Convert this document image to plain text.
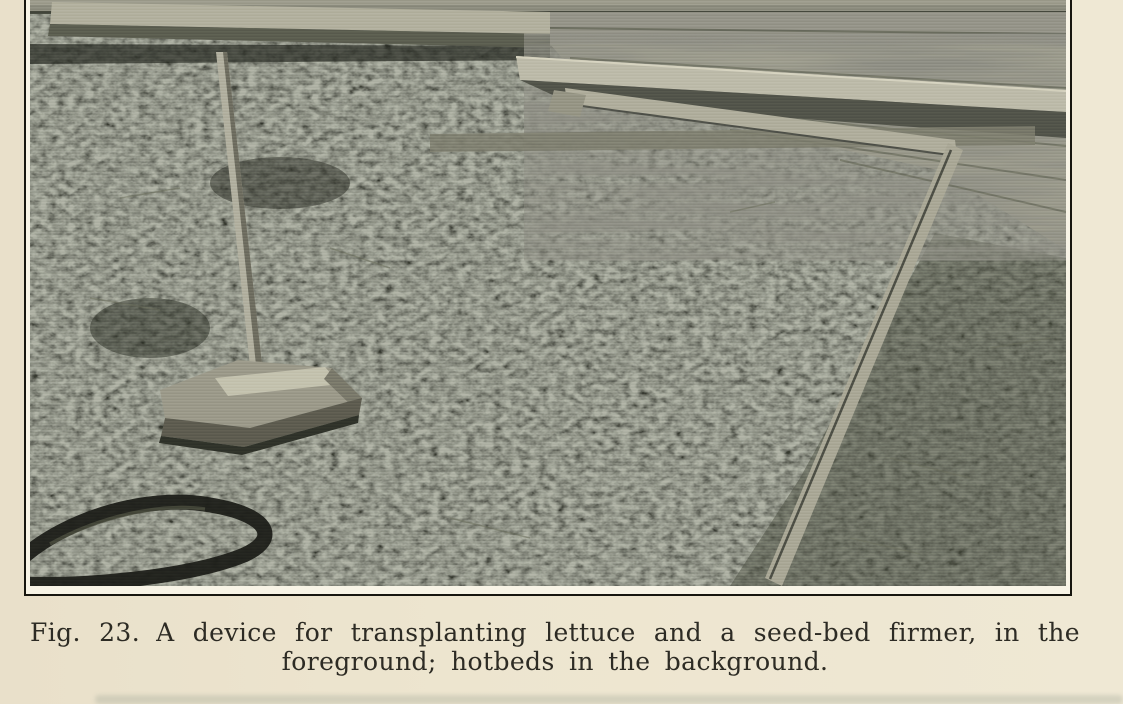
Fig. 23. A device for transplanting lettuce and a seed-bed firmer, in the
foreground; hotbeds in the background.
